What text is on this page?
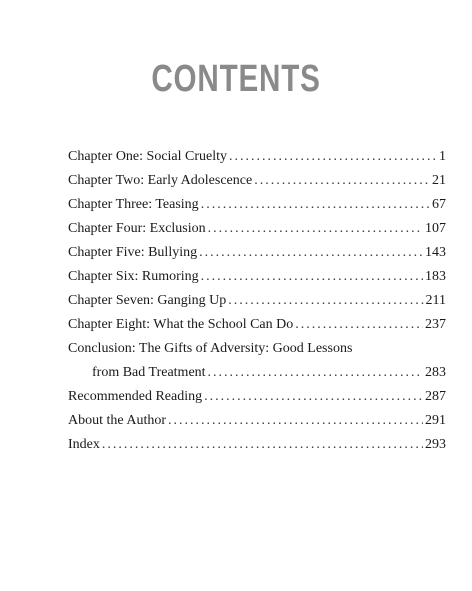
CONTENTS
Chapter One: Social Cruelty .....	1
Chapter Two: Early Adolescence .....	21
Chapter Three: Teasing .....	67
Chapter Four: Exclusion .....	107
Chapter Five: Bullying .....	143
Chapter Six: Rumoring .....	183
Chapter Seven: Ganging Up .....	211
Chapter Eight: What the School Can Do .....	237
Conclusion: The Gifts of Adversity: Good Lessons
from Bad Treatment .....	283
Recommended Reading .....	287
About the Author .....	291
Index .....	293
